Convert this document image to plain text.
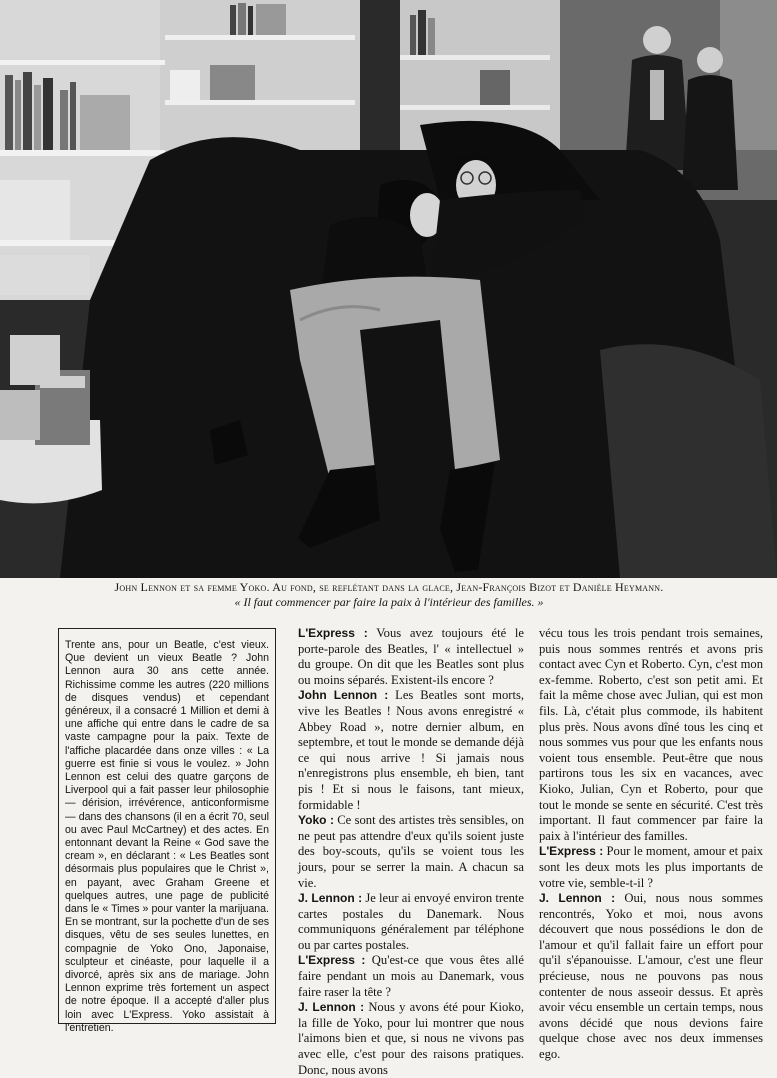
John Lennon et sa femme Yoko. Au fond, se reflétant dans la glace, Jean-François Bizot et Danièle Heymann.
« Il faut commencer par faire la paix à l'intérieur des familles. »

Trente ans, pour un Beatle, c'est vieux. Que devient un vieux Beatle ? John Lennon aura 30 ans cette année. Richissime comme les autres (220 millions de disques vendus) et cependant généreux, il a consacré 1 Million et demi à une affiche qui entre dans le cadre de sa vaste campagne pour la paix. Texte de l'affiche placardée dans onze villes : « La guerre est finie si vous le voulez. » John Lennon est celui des quatre garçons de Liverpool qui a fait passer leur philosophie — dérision, irrévérence, anticonformisme — dans des chansons (il en a écrit 70, seul ou avec Paul McCartney) et des actes. En entonnant devant la Reine « God save the cream », en déclarant : « Les Beatles sont désormais plus populaires que le Christ », en payant, avec Graham Greene et quelques autres, une page de publicité dans le « Times » pour vanter la marijuana. En se montrant, sur la pochette d'un de ses disques, vêtu de ses seules lunettes, en compagnie de Yoko Ono, Japonaise, sculpteur et cinéaste, pour laquelle il a divorcé, après six ans de mariage. John Lennon exprime très fortement un aspect de notre époque. Il a accepté d'aller plus loin avec L'Express. Yoko assistait à l'entretien.

L'Express : Vous avez toujours été le porte-parole des Beatles, l' « intellectuel » du groupe. On dit que les Beatles sont plus ou moins séparés. Existent-ils encore ?

John Lennon : Les Beatles sont morts, vive les Beatles ! Nous avons enregistré « Abbey Road », notre dernier album, en septembre, et tout le monde se demande déjà ce qui nous arrive ! Si jamais nous n'enregistrons plus ensemble, eh bien, tant pis ! Et si nous le faisons, tant mieux, formidable !

Yoko : Ce sont des artistes très sensibles, on ne peut pas attendre d'eux qu'ils soient juste des boy-scouts, qu'ils se voient tous les jours, pour se serrer la main. A chacun sa vie.

J. Lennon : Je leur ai envoyé environ trente cartes postales du Danemark. Nous communiquons généralement par téléphone ou par cartes postales.

L'Express : Qu'est-ce que vous êtes allé faire pendant un mois au Danemark, vous faire raser la tête ?

J. Lennon : Nous y avons été pour Kioko, la fille de Yoko, pour lui montrer que nous l'aimons bien et que, si nous ne vivons pas avec elle, c'est pour des raisons pratiques. Donc, nous avons

vécu tous les trois pendant trois semaines, puis nous sommes rentrés et avons pris contact avec Cyn et Roberto. Cyn, c'est mon ex-femme. Roberto, c'est son petit ami. Et fait la même chose avec Julian, qui est mon fils. Là, c'était plus commode, ils habitent plus près. Nous avons dîné tous les cinq et nous sommes vus pour que les enfants nous voient tous ensemble. Peut-être que nous partirons tous les six en vacances, avec Kioko, Julian, Cyn et Roberto, pour que tout le monde se sente en sécurité. C'est très important. Il faut commencer par faire la paix à l'intérieur des familles.

L'Express : Pour le moment, amour et paix sont les deux mots les plus importants de votre vie, semble-t-il ?

J. Lennon : Oui, nous nous sommes rencontrés, Yoko et moi, nous avons découvert que nous possédions le don de l'amour et qu'il fallait faire un effort pour qu'il s'épanouisse. L'amour, c'est une fleur précieuse, nous ne pouvons pas nous contenter de nous asseoir dessus. Et après avoir vécu ensemble un certain temps, nous avons décidé que nous devions faire quelque chose avec nos deux immenses ego.
